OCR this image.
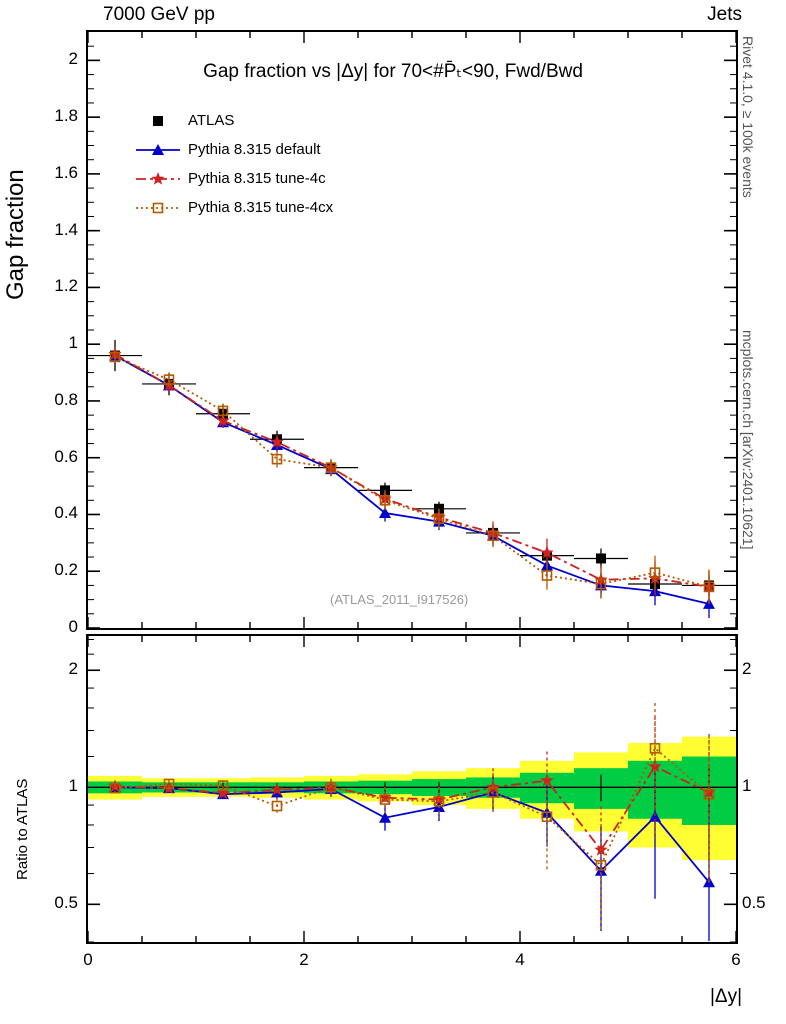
7000 GeV pp	Jets
Gap fraction
Ratio to ATLAS
Rivet 4.1.0, ≥ 100k events
mcplots.cern.ch [arXiv:2401.10621]
Gap fraction vs |Δy| for 70<#P̄ₜ<90, Fwd/Bwd
(ATLAS_2011_I917526)
0
0.2
0.4
0.6
0.8
1
1.2
1.4
1.6
1.8
2
0.5	0.5
1	1
2	2
0	2	4	6
ATLAS
Pythia 8.315 default
Pythia 8.315 tune-4c
Pythia 8.315 tune-4cx
|Δy|
